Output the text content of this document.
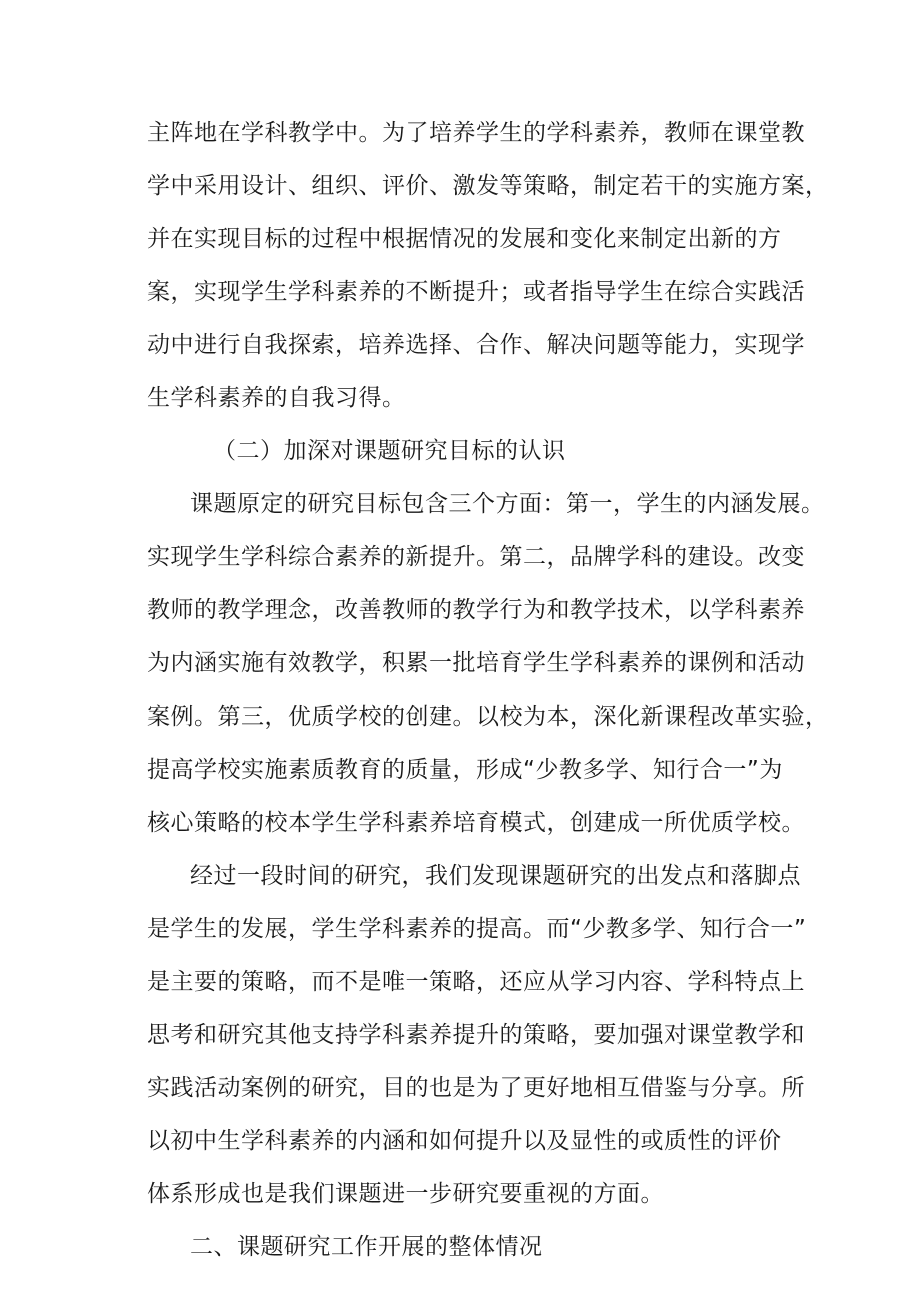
主阵地在学科教学中。为了培养学生的学科素养，教师在课堂教
学中采用设计、组织、评价、激发等策略，制定若干的实施方案，
并在实现目标的过程中根据情况的发展和变化来制定出新的方
案，实现学生学科素养的不断提升；或者指导学生在综合实践活
动中进行自我探索，培养选择、合作、解决问题等能力，实现学
生学科素养的自我习得。
（二）加深对课题研究目标的认识
课题原定的研究目标包含三个方面：第一，学生的内涵发展。
实现学生学科综合素养的新提升。第二，品牌学科的建设。改变
教师的教学理念，改善教师的教学行为和教学技术，以学科素养
为内涵实施有效教学，积累一批培育学生学科素养的课例和活动
案例。第三，优质学校的创建。以校为本，深化新课程改革实验，
提高学校实施素质教育的质量，形成“少教多学、知行合一”为
核心策略的校本学生学科素养培育模式，创建成一所优质学校。
经过一段时间的研究，我们发现课题研究的出发点和落脚点
是学生的发展，学生学科素养的提高。而“少教多学、知行合一”
是主要的策略，而不是唯一策略，还应从学习内容、学科特点上
思考和研究其他支持学科素养提升的策略，要加强对课堂教学和
实践活动案例的研究，目的也是为了更好地相互借鉴与分享。所
以初中生学科素养的内涵和如何提升以及显性的或质性的评价
体系形成也是我们课题进一步研究要重视的方面。
二、课题研究工作开展的整体情况
